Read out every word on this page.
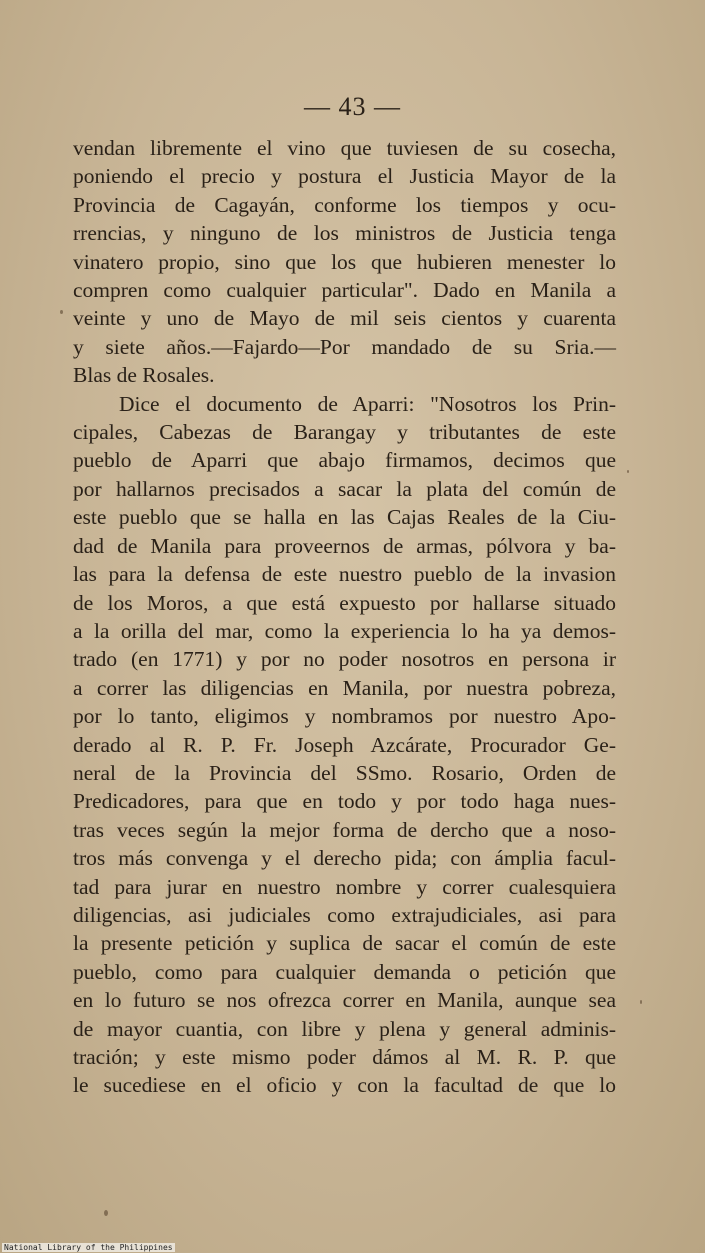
— 43 —
vendan libremente el vino que tuviesen de su cosecha,
poniendo el precio y postura el Justicia Mayor de la
Provincia de Cagayán, conforme los tiempos y ocu-
rrencias, y ninguno de los ministros de Justicia tenga
vinatero propio, sino que los que hubieren menester lo
compren como cualquier particular". Dado en Manila a
veinte y uno de Mayo de mil seis cientos y cuarenta
y siete años.—Fajardo—Por mandado de su Sria.—
Blas de Rosales.
Dice el documento de Aparri: "Nosotros los Prin-
cipales, Cabezas de Barangay y tributantes de este
pueblo de Aparri que abajo firmamos, decimos que
por hallarnos precisados a sacar la plata del común de
este pueblo que se halla en las Cajas Reales de la Ciu-
dad de Manila para proveernos de armas, pólvora y ba-
las para la defensa de este nuestro pueblo de la invasion
de los Moros, a que está expuesto por hallarse situado
a la orilla del mar, como la experiencia lo ha ya demos-
trado (en 1771) y por no poder nosotros en persona ir
a correr las diligencias en Manila, por nuestra pobreza,
por lo tanto, eligimos y nombramos por nuestro Apo-
derado al R. P. Fr. Joseph Azcárate, Procurador Ge-
neral de la Provincia del SSmo. Rosario, Orden de
Predicadores, para que en todo y por todo haga nues-
tras veces según la mejor forma de dercho que a noso-
tros más convenga y el derecho pida; con ámplia facul-
tad para jurar en nuestro nombre y correr cualesquiera
diligencias, asi judiciales como extrajudiciales, asi para
la presente petición y suplica de sacar el común de este
pueblo, como para cualquier demanda o petición que
en lo futuro se nos ofrezca correr en Manila, aunque sea
de mayor cuantia, con libre y plena y general adminis-
tración; y este mismo poder dámos al M. R. P. que
le sucediese en el oficio y con la facultad de que lo
National Library of the Philippines
